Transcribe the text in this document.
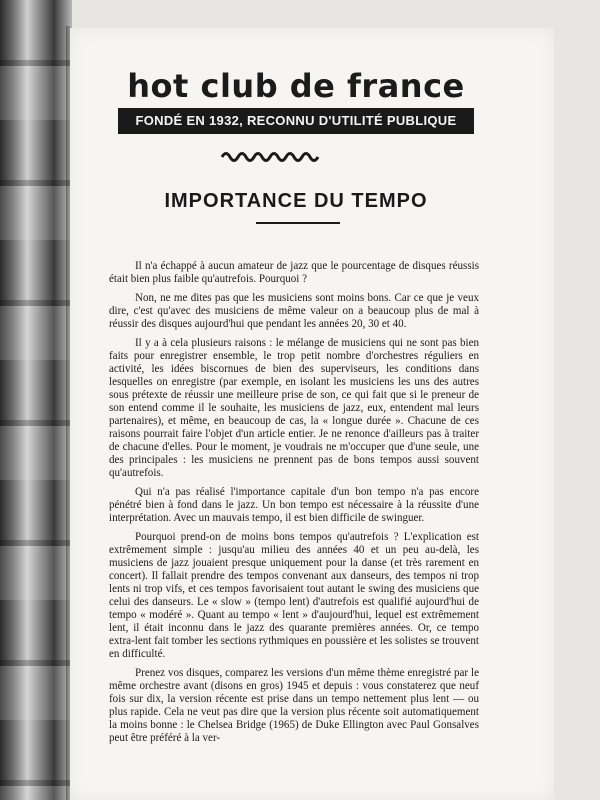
hot club de france
FONDÉ EN 1932, RECONNU D'UTILITÉ PUBLIQUE
IMPORTANCE DU TEMPO

Il n'a échappé à aucun amateur de jazz que le pourcentage de disques réussis était bien plus faible qu'autrefois. Pourquoi ?

Non, ne me dites pas que les musiciens sont moins bons. Car ce que je veux dire, c'est qu'avec des musiciens de même valeur on a beaucoup plus de mal à réussir des disques aujourd'hui que pendant les années 20, 30 et 40.

Il y a à cela plusieurs raisons : le mélange de musiciens qui ne sont pas bien faits pour enregistrer ensemble, le trop petit nombre d'orchestres réguliers en activité, les idées biscornues de bien des superviseurs, les conditions dans lesquelles on enregistre (par exemple, en isolant les musiciens les uns des autres sous prétexte de réussir une meilleure prise de son, ce qui fait que si le preneur de son entend comme il le souhaite, les musiciens de jazz, eux, entendent mal leurs partenaires), et même, en beaucoup de cas, la « longue durée ». Chacune de ces raisons pourrait faire l'objet d'un article entier. Je ne renonce d'ailleurs pas à traiter de chacune d'elles. Pour le moment, je voudrais ne m'occuper que d'une seule, une des principales : les musiciens ne prennent pas de bons tempos aussi souvent qu'autrefois.

Qui n'a pas réalisé l'importance capitale d'un bon tempo n'a pas encore pénétré bien à fond dans le jazz. Un bon tempo est nécessaire à la réussite d'une interprétation. Avec un mauvais tempo, il est bien difficile de swinguer.

Pourquoi prend-on de moins bons tempos qu'autrefois ? L'explication est extrêmement simple : jusqu'au milieu des années 40 et un peu au-delà, les musiciens de jazz jouaient presque uniquement pour la danse (et très rarement en concert). Il fallait prendre des tempos convenant aux danseurs, des tempos ni trop lents ni trop vifs, et ces tempos favorisaient tout autant le swing des musiciens que celui des danseurs. Le « slow » (tempo lent) d'autrefois est qualifié aujourd'hui de tempo « modéré ». Quant au tempo « lent » d'aujourd'hui, lequel est extrêmement lent, il était inconnu dans le jazz des quarante premières années. Or, ce tempo extra-lent fait tomber les sections rythmiques en poussière et les solistes se trouvent en difficulté.

Prenez vos disques, comparez les versions d'un même thème enregistré par le même orchestre avant (disons en gros) 1945 et depuis : vous constaterez que neuf fois sur dix, la version récente est prise dans un tempo nettement plus lent — ou plus rapide. Cela ne veut pas dire que la version plus récente soit automatiquement la moins bonne : le Chelsea Bridge (1965) de Duke Ellington avec Paul Gonsalves peut être préféré à la ver-
